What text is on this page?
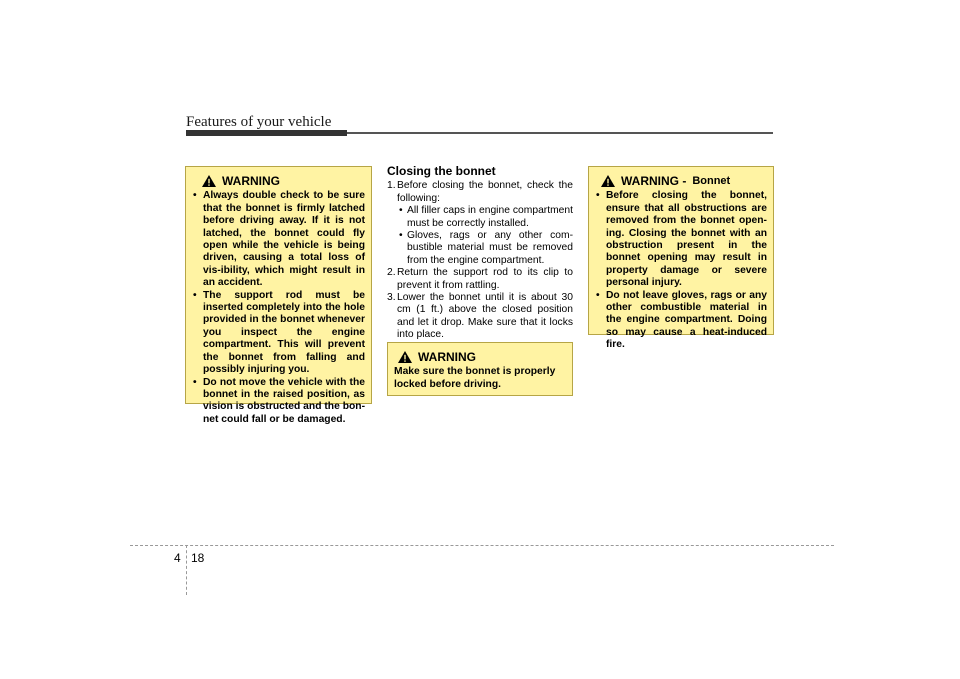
Features of your vehicle
WARNING
• Always double check to be sure that the bonnet is firmly latched before driving away. If it is not latched, the bonnet could fly open while the vehicle is being driven, causing a total loss of vis-ibility, which might result in an accident.
• The support rod must be inserted completely into the hole provided in the bonnet whenever you inspect the engine compartment. This will prevent the bonnet from falling and possibly injuring you.
• Do not move the vehicle with the bonnet in the raised position, as vision is obstructed and the bon-net could fall or be damaged.
Closing the bonnet
1. Before closing the bonnet, check the following:
• All filler caps in engine compartment must be correctly installed.
• Gloves, rags or any other com-bustible material must be removed from the engine compartment.
2. Return the support rod to its clip to prevent it from rattling.
3. Lower the bonnet until it is about 30 cm (1 ft.) above the closed position and let it drop. Make sure that it locks into place.
WARNING
Make sure the bonnet is properly locked before driving.
WARNING - Bonnet
• Before closing the bonnet, ensure that all obstructions are removed from the bonnet open-ing. Closing the bonnet with an obstruction present in the bonnet opening may result in property damage or severe personal injury.
• Do not leave gloves, rags or any other combustible material in the engine compartment. Doing so may cause a heat-induced fire.
4 18
